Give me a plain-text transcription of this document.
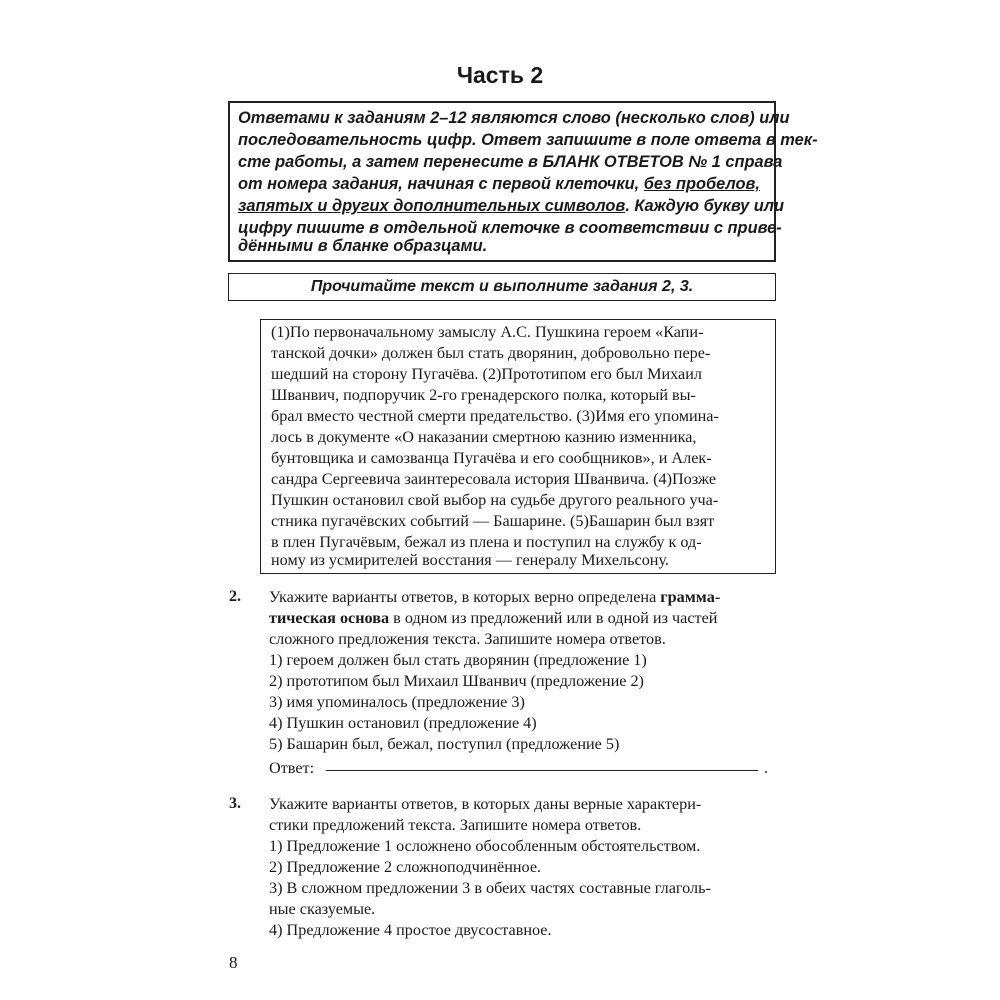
Часть 2
Ответами к заданиям 2–12 являются слово (несколько слов) или
последовательность цифр. Ответ запишите в поле ответа в тек-
сте работы, а затем перенесите в БЛАНК ОТВЕТОВ № 1 справа
от номера задания, начиная с первой клеточки, без пробелов,
запятых и других дополнительных символов. Каждую букву или
цифру пишите в отдельной клеточке в соответствии с приве-
дёнными в бланке образцами.
Прочитайте текст и выполните задания 2, 3.
(1)По первоначальному замыслу А.С. Пушкина героем «Капи-
танской дочки» должен был стать дворянин, добровольно пере-
шедший на сторону Пугачёва. (2)Прототипом его был Михаил
Шванвич, подпоручик 2-го гренадерского полка, который вы-
брал вместо честной смерти предательство. (3)Имя его упомина-
лось в документе «О наказании смертною казнию изменника,
бунтовщика и самозванца Пугачёва и его сообщников», и Алек-
сандра Сергеевича заинтересовала история Шванвича. (4)Позже
Пушкин остановил свой выбор на судьбе другого реального уча-
стника пугачёвских событий — Башарине. (5)Башарин был взят
в плен Пугачёвым, бежал из плена и поступил на службу к од-
ному из усмирителей восстания — генералу Михельсону.
2. Укажите варианты ответов, в которых верно определена граммa-
тическая основа в одном из предложений или в одной из частей
сложного предложения текста. Запишите номера ответов.
1) героем должен был стать дворянин (предложение 1)
2) прототипом был Михаил Шванвич (предложение 2)
3) имя упоминалось (предложение 3)
4) Пушкин остановил (предложение 4)
5) Башарин был, бежал, поступил (предложение 5)
Ответ:	.
3. Укажите варианты ответов, в которых даны верные характери-
стики предложений текста. Запишите номера ответов.
1) Предложение 1 осложнено обособленным обстоятельством.
2) Предложение 2 сложноподчинённое.
3) В сложном предложении 3 в обеих частях составные глаголь-
ные сказуемые.
4) Предложение 4 простое двусоставное.
8
